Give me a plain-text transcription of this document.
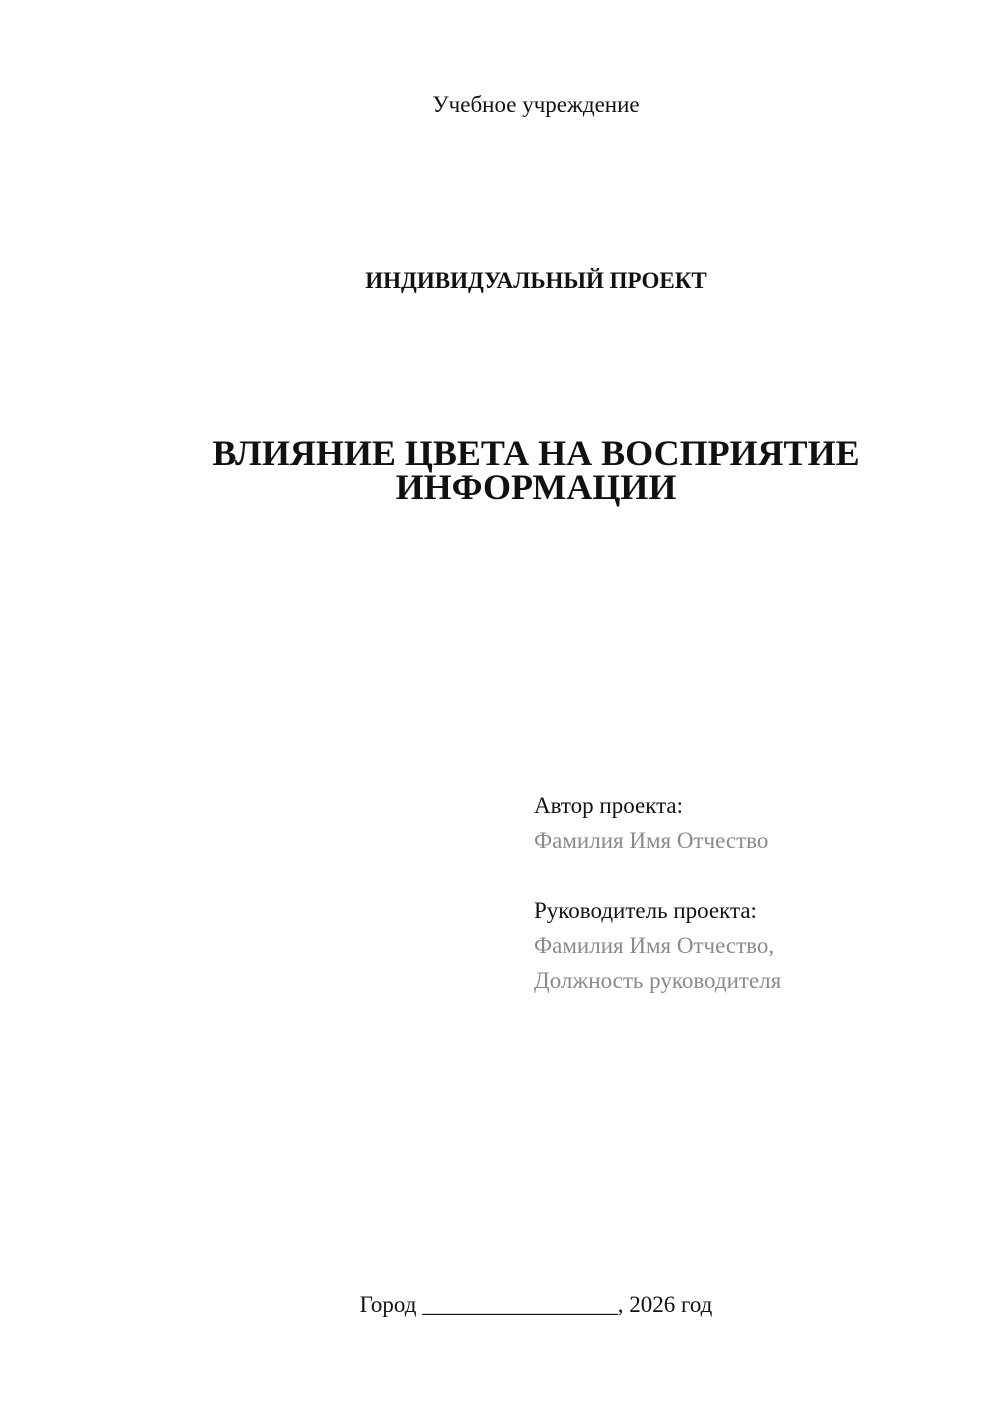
Учебное учреждение
ИНДИВИДУАЛЬНЫЙ ПРОЕКТ
ВЛИЯНИЕ ЦВЕТА НА ВОСПРИЯТИЕ
ИНФОРМАЦИИ
Автор проекта:
Фамилия Имя Отчество
Руководитель проекта:
Фамилия Имя Отчество,
Должность руководителя
Город _________________, 2026 год
